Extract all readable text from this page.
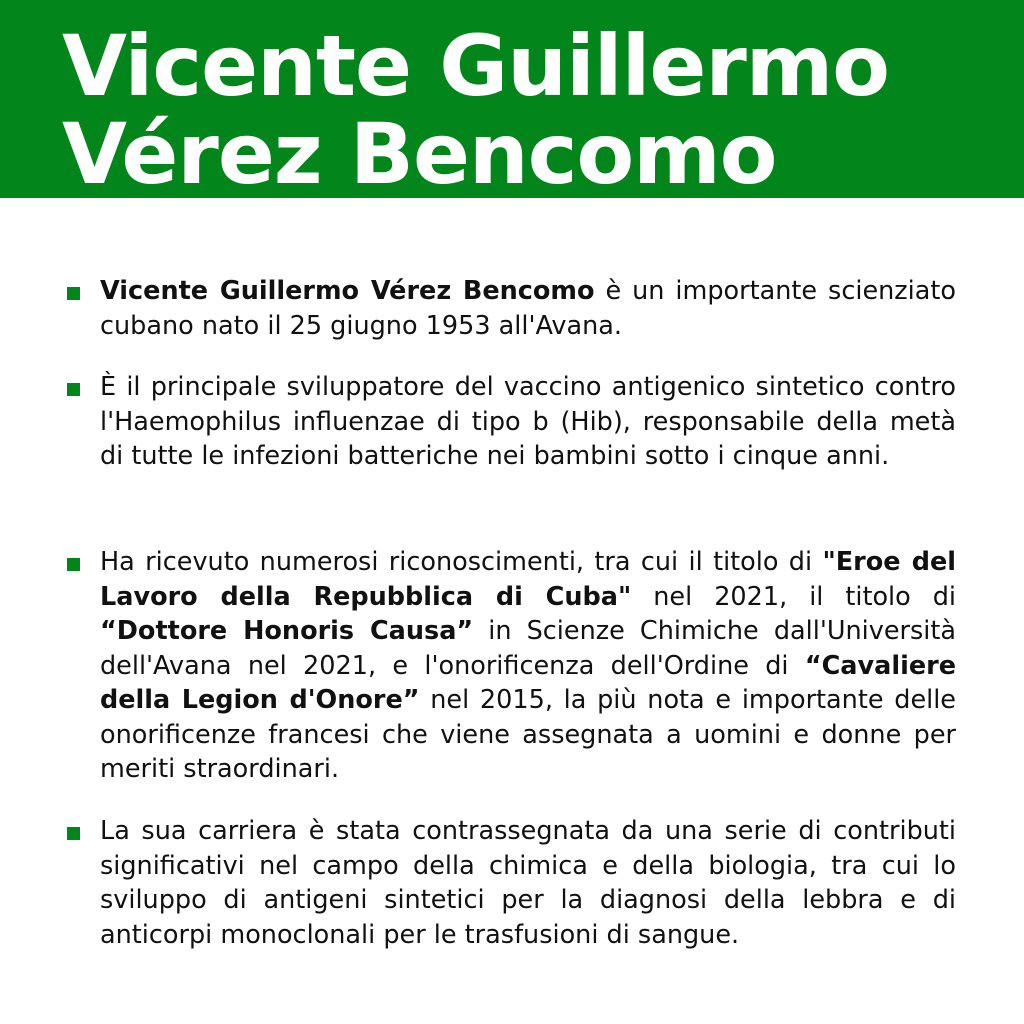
Vicente Guillermo
Vérez Bencomo

Vicente Guillermo Vérez Bencomo è un importante scienziato cubano nato il 25 giugno 1953 all'Avana.

È il principale sviluppatore del vaccino antigenico sintetico contro l'Haemophilus influenzae di tipo b (Hib), responsabile della metà di tutte le infezioni batteriche nei bambini sotto i cinque anni.

Ha ricevuto numerosi riconoscimenti, tra cui il titolo di "Eroe del Lavoro della Repubblica di Cuba" nel 2021, il titolo di “Dottore Honoris Causa” in Scienze Chimiche dall'Università dell'Avana nel 2021, e l'onorificenza dell'Ordine di “Cavaliere della Legion d'Onore” nel 2015, la più nota e importante delle onorificenze francesi che viene assegnata a uomini e donne per meriti straordinari.

La sua carriera è stata contrassegnata da una serie di contributi significativi nel campo della chimica e della biologia, tra cui lo sviluppo di antigeni sintetici per la diagnosi della lebbra e di anticorpi monoclonali per le trasfusioni di sangue.
